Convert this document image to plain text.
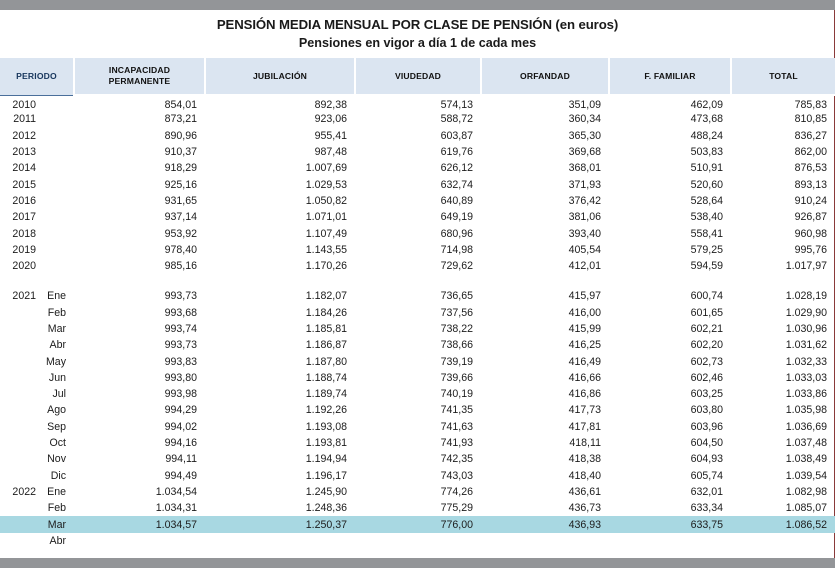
PENSIÓN MEDIA MENSUAL POR CLASE DE PENSIÓN (en euros)
Pensiones en vigor a día 1 de cada mes
PERIODO		INCAPACIDAD
PERMANENTE	JUBILACIÓN	VIUDEDAD	ORFANDAD	F. FAMILIAR	TOTAL
2010		854,01	892,38	574,13	351,09	462,09	785,83
2011		873,21	923,06	588,72	360,34	473,68	810,85
2012		890,96	955,41	603,87	365,30	488,24	836,27
2013		910,37	987,48	619,76	369,68	503,83	862,00
2014		918,29	1.007,69	626,12	368,01	510,91	876,53
2015		925,16	1.029,53	632,74	371,93	520,60	893,13
2016		931,65	1.050,82	640,89	376,42	528,64	910,24
2017		937,14	1.071,01	649,19	381,06	538,40	926,87
2018		953,92	1.107,49	680,96	393,40	558,41	960,98
2019		978,40	1.143,55	714,98	405,54	579,25	995,76
2020		985,16	1.170,26	729,62	412,01	594,59	1.017,97

2021	Ene	993,73	1.182,07	736,65	415,97	600,74	1.028,19
	Feb	993,68	1.184,26	737,56	416,00	601,65	1.029,90
	Mar	993,74	1.185,81	738,22	415,99	602,21	1.030,96
	Abr	993,73	1.186,87	738,66	416,25	602,20	1.031,62
	May	993,83	1.187,80	739,19	416,49	602,73	1.032,33
	Jun	993,80	1.188,74	739,66	416,66	602,46	1.033,03
	Jul	993,98	1.189,74	740,19	416,86	603,25	1.033,86
	Ago	994,29	1.192,26	741,35	417,73	603,80	1.035,98
	Sep	994,02	1.193,08	741,63	417,81	603,96	1.036,69
	Oct	994,16	1.193,81	741,93	418,11	604,50	1.037,48
	Nov	994,11	1.194,94	742,35	418,38	604,93	1.038,49
	Dic	994,49	1.196,17	743,03	418,40	605,74	1.039,54
2022	Ene	1.034,54	1.245,90	774,26	436,61	632,01	1.082,98
	Feb	1.034,31	1.248,36	775,29	436,73	633,34	1.085,07
	Mar	1.034,57	1.250,37	776,00	436,93	633,75	1.086,52
	Abr						
